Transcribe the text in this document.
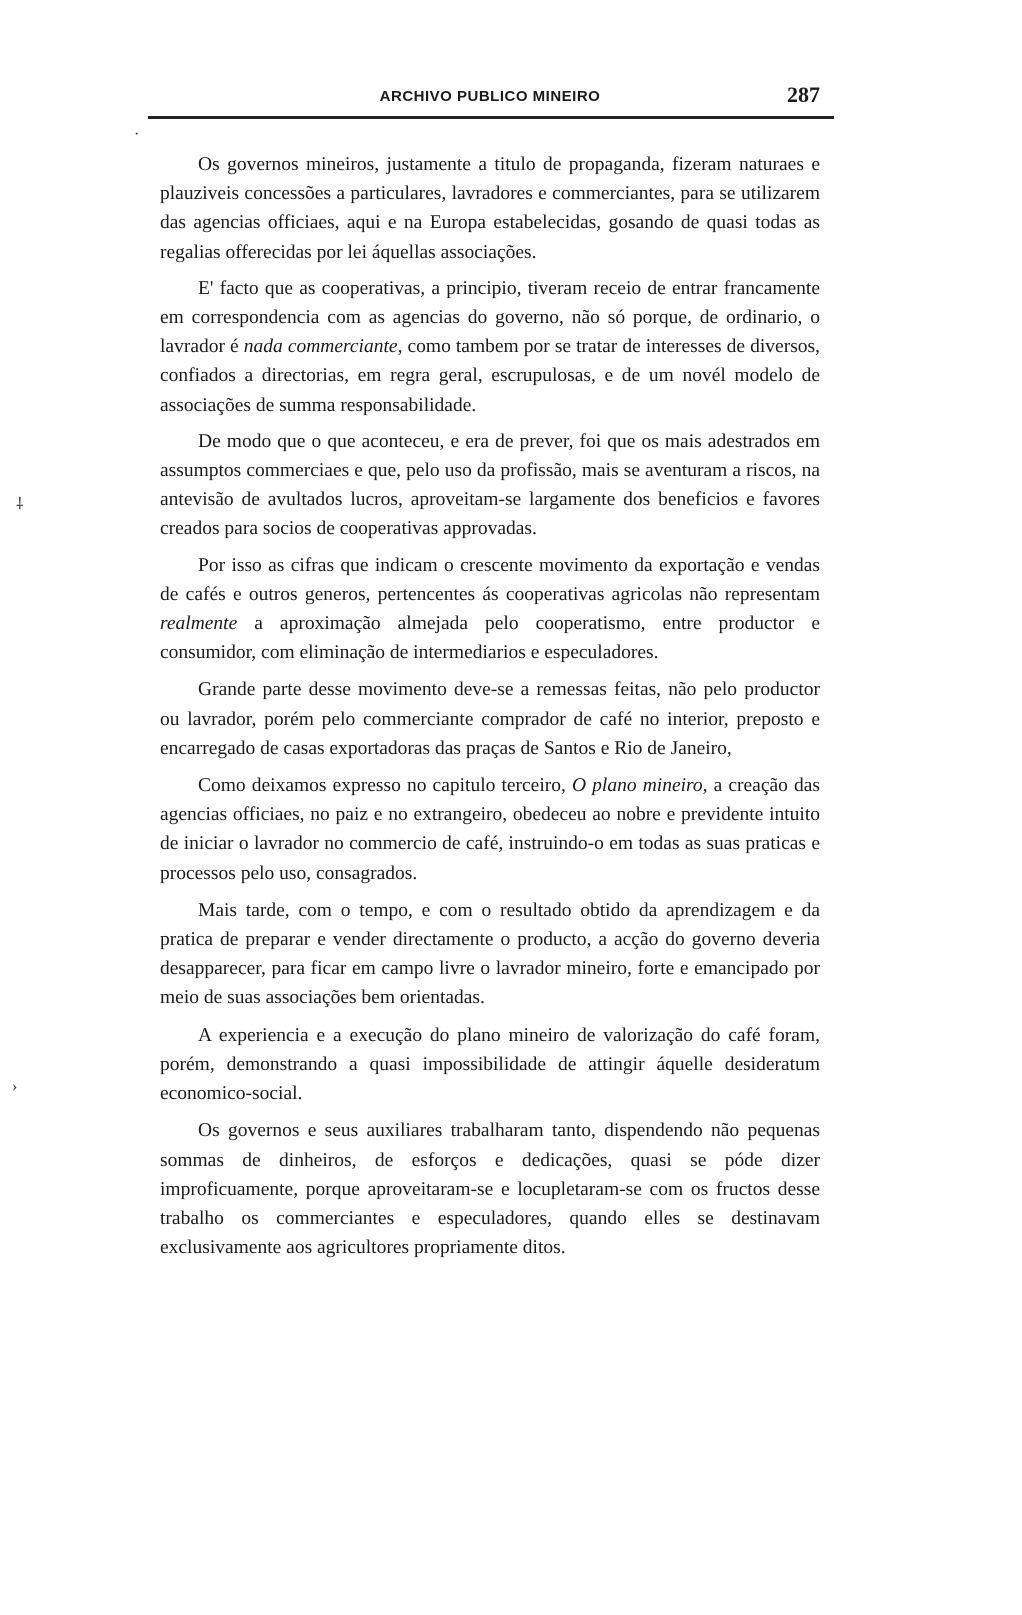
ARCHIVO PUBLICO MINEIRO	287
·
⸸
›

Os governos mineiros, justamente a titulo de propaganda, fizeram naturaes e plauziveis concessões a particulares, lavradores e commerciantes, para se utilizarem das agencias officiaes, aqui e na Europa estabelecidas, gosando de quasi todas as regalias offerecidas por lei áquellas associações.

E' facto que as cooperativas, a principio, tiveram receio de entrar francamente em correspondencia com as agencias do governo, não só porque, de ordinario, o lavrador é nada commerciante, como tambem por se tratar de interesses de diversos, confiados a directorias, em regra geral, escrupulosas, e de um novél modelo de associações de summa responsabilidade.

De modo que o que aconteceu, e era de prever, foi que os mais adestrados em assumptos commerciaes e que, pelo uso da profissão, mais se aventuram a riscos, na antevisão de avultados lucros, aproveitam-se largamente dos beneficios e favores creados para socios de cooperativas approvadas.

Por isso as cifras que indicam o crescente movimento da exportação e vendas de cafés e outros generos, pertencentes ás cooperativas agricolas não representam realmente a aproximação almejada pelo cooperatismo, entre productor e consumidor, com eliminação de intermediarios e especuladores.

Grande parte desse movimento deve-se a remessas feitas, não pelo productor ou lavrador, porém pelo commerciante comprador de café no interior, preposto e encarregado de casas exportadoras das praças de Santos e Rio de Janeiro,

Como deixamos expresso no capitulo terceiro, O plano mineiro, a creação das agencias officiaes, no paiz e no extrangeiro, obedeceu ao nobre e previdente intuito de iniciar o lavrador no commercio de café, instruindo-o em todas as suas praticas e processos pelo uso, consagrados.

Mais tarde, com o tempo, e com o resultado obtido da aprendizagem e da pratica de preparar e vender directamente o producto, a acção do governo deveria desapparecer, para ficar em campo livre o lavrador mineiro, forte e emancipado por meio de suas associações bem orientadas.

A experiencia e a execução do plano mineiro de valorização do café foram, porém, demonstrando a quasi impossibilidade de attingir áquelle desideratum economico-social.

Os governos e seus auxiliares trabalharam tanto, dispendendo não pequenas sommas de dinheiros, de esforços e dedicações, quasi se póde dizer improficuamente, porque aproveitaram-se e locupletaram-se com os fructos desse trabalho os commerciantes e especuladores, quando elles se destinavam exclusivamente aos agricultores propriamente ditos.
